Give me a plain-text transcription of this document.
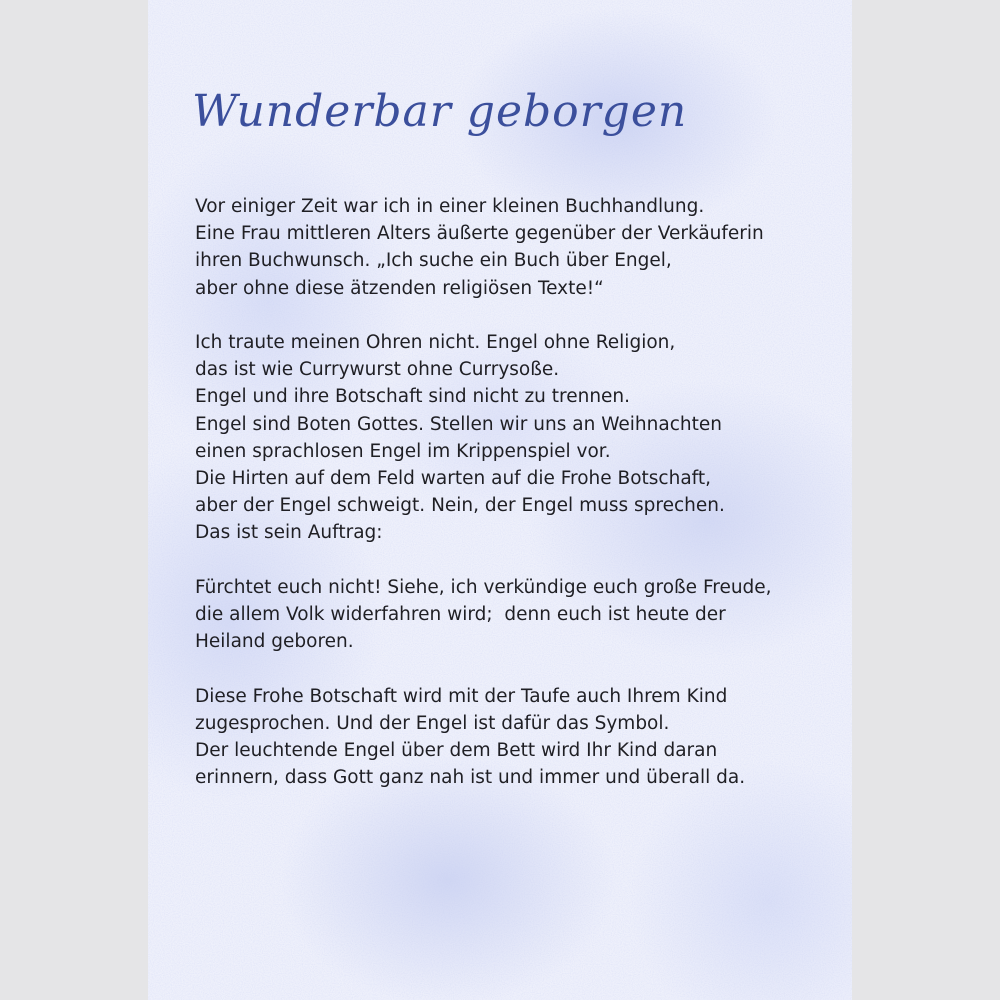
Wunderbar geborgen

Vor einiger Zeit war ich in einer kleinen Buchhandlung.
Eine Frau mittleren Alters äußerte gegenüber der Verkäuferin
ihren Buchwunsch. „Ich suche ein Buch über Engel,
aber ohne diese ätzenden religiösen Texte!“

Ich traute meinen Ohren nicht. Engel ohne Religion,
das ist wie Currywurst ohne Currysoße.
Engel und ihre Botschaft sind nicht zu trennen.
Engel sind Boten Gottes. Stellen wir uns an Weihnachten
einen sprachlosen Engel im Krippenspiel vor.
Die Hirten auf dem Feld warten auf die Frohe Botschaft,
aber der Engel schweigt. Nein, der Engel muss sprechen.
Das ist sein Auftrag:

Fürchtet euch nicht! Siehe, ich verkündige euch große Freude,
die allem Volk widerfahren wird;  denn euch ist heute der
Heiland geboren.

Diese Frohe Botschaft wird mit der Taufe auch Ihrem Kind
zugesprochen. Und der Engel ist dafür das Symbol.
Der leuchtende Engel über dem Bett wird Ihr Kind daran
erinnern, dass Gott ganz nah ist und immer und überall da.
